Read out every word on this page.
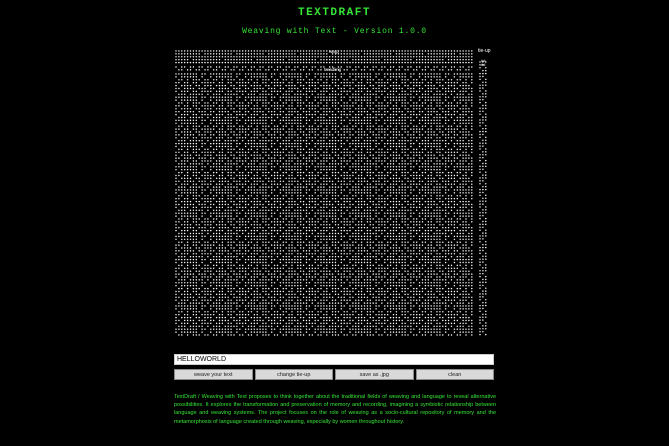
TEXTDRAFT
Weaving with Text - Version 1.0.0
warp	tie-up
treadling
##
##
HELLOWORLD
weave your text	change tie-up	save as .jpg	clean

TextDraft / Weaving with Text proposes to think together about the traditional fields of weaving and language to reveal alternative possibilities. It explores the transformation and preservation of memory and recording, imagining a symbiotic relationship between language and weaving systems. The project focuses on the role of weaving as a socio-cultural repository of memory and the metamorphosis of language created through weaving, especially by women throughout history.
